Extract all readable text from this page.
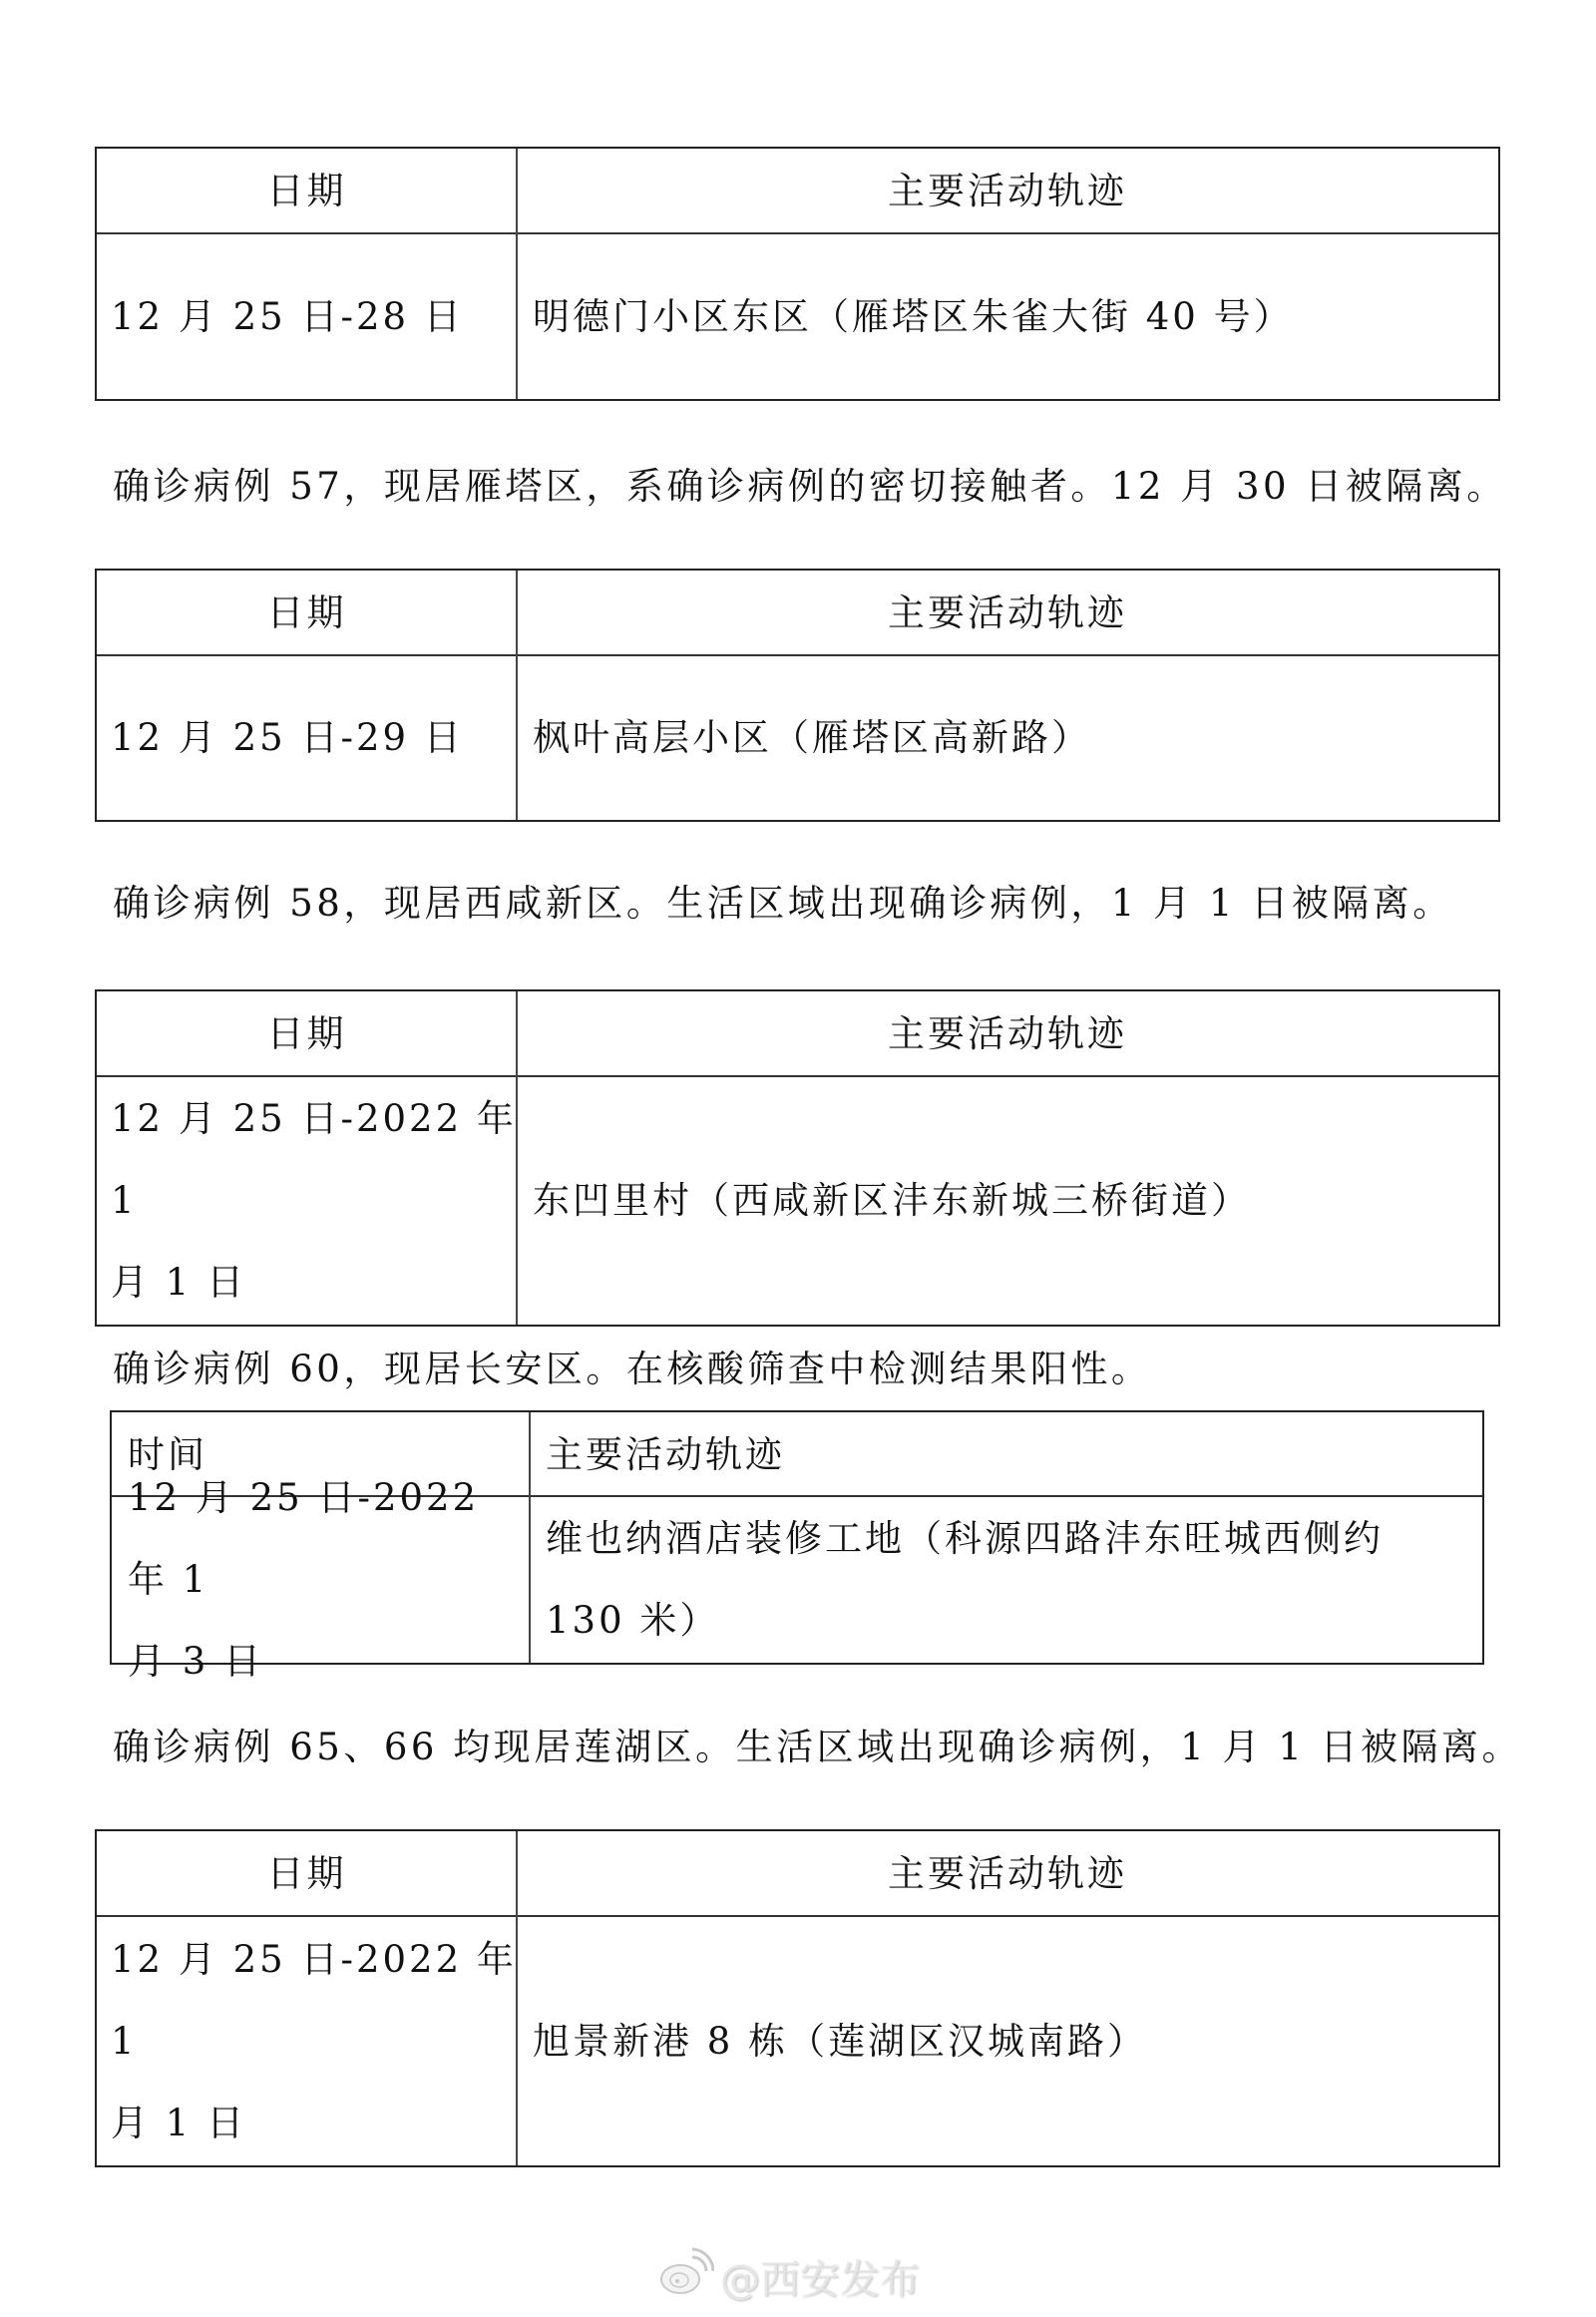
日期	主要活动轨迹
12 月 25 日-28 日 明德门小区东区（雁塔区朱雀大街 40 号）
确诊病例 57，现居雁塔区，系确诊病例的密切接触者。12 月 30 日被隔离。
日期	主要活动轨迹
12 月 25 日-29 日 枫叶高层小区（雁塔区高新路）
确诊病例 58，现居西咸新区。生活区域出现确诊病例，1 月 1 日被隔离。
日期	主要活动轨迹
12 月 25 日-2022 年 1
月 1 日
东凹里村（西咸新区沣东新城三桥街道）
确诊病例 60，现居长安区。在核酸筛查中检测结果阳性。
时间	主要活动轨迹
12 月 25 日-2022 年 1
月 3 日
维也纳酒店装修工地（科源四路沣东旺城西侧约
130 米）
确诊病例 65、66 均现居莲湖区。生活区域出现确诊病例，1 月 1 日被隔离。
日期	主要活动轨迹
12 月 25 日-2022 年 1
月 1 日
旭景新港 8 栋（莲湖区汉城南路）
@西安发布
